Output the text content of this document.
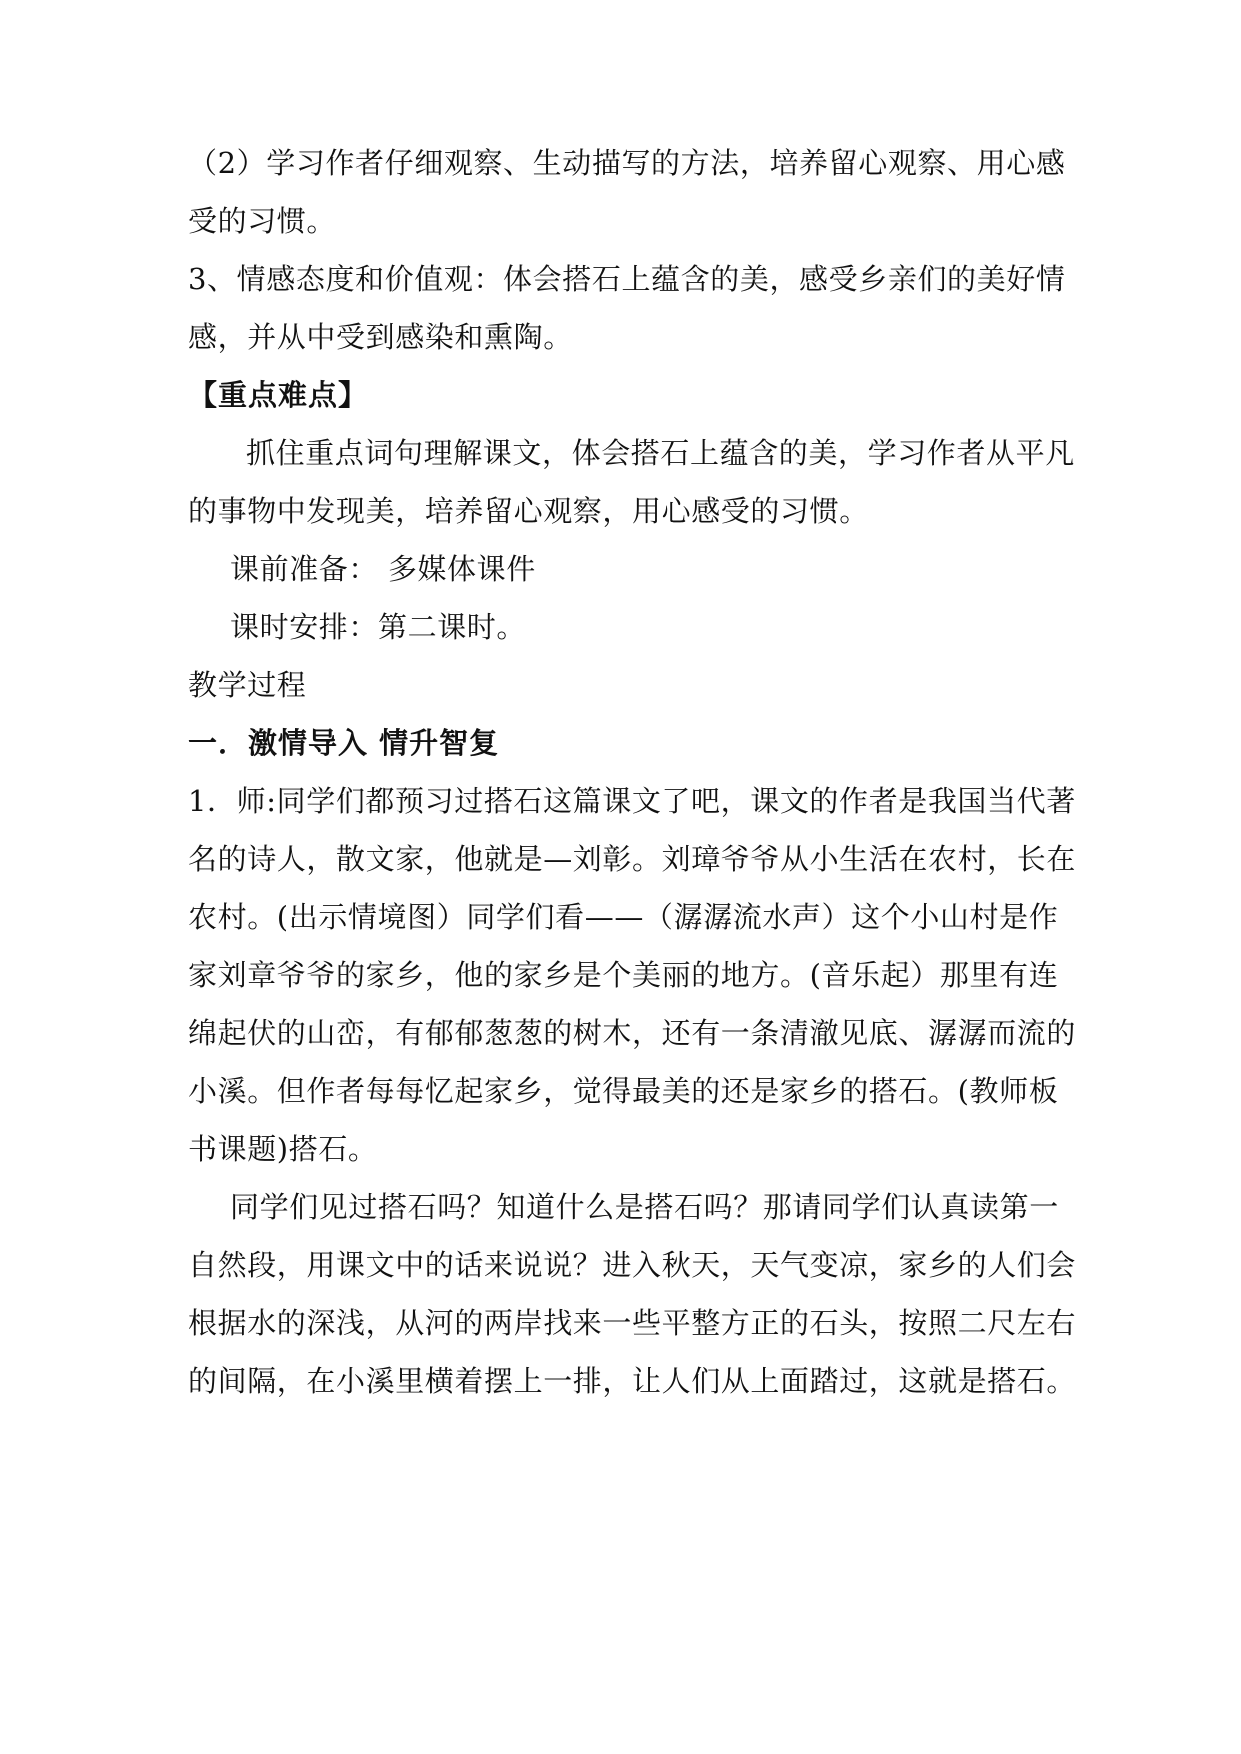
（2）学习作者仔细观察、生动描写的方法，培养留心观察、用心感
受的习惯。
3、情感态度和价值观：体会搭石上蕴含的美，感受乡亲们的美好情
感，并从中受到感染和熏陶。
【重点难点】
抓住重点词句理解课文，体会搭石上蕴含的美，学习作者从平凡
的事物中发现美，培养留心观察，用心感受的习惯。
课前准备： 多媒体课件
课时安排：第二课时。
教学过程
一．激情导入 情升智复
1．师:同学们都预习过搭石这篇课文了吧，课文的作者是我国当代著
名的诗人，散文家，他就是—刘彰。刘璋爷爷从小生活在农村，长在
农村。(出示情境图）同学们看——（潺潺流水声）这个小山村是作
家刘章爷爷的家乡，他的家乡是个美丽的地方。(音乐起）那里有连
绵起伏的山峦，有郁郁葱葱的树木，还有一条清澈见底、潺潺而流的
小溪。但作者每每忆起家乡，觉得最美的还是家乡的搭石。(教师板
书课题)搭石。
同学们见过搭石吗？知道什么是搭石吗？那请同学们认真读第一
自然段，用课文中的话来说说？进入秋天，天气变凉，家乡的人们会
根据水的深浅，从河的两岸找来一些平整方正的石头，按照二尺左右
的间隔，在小溪里横着摆上一排，让人们从上面踏过，这就是搭石。
